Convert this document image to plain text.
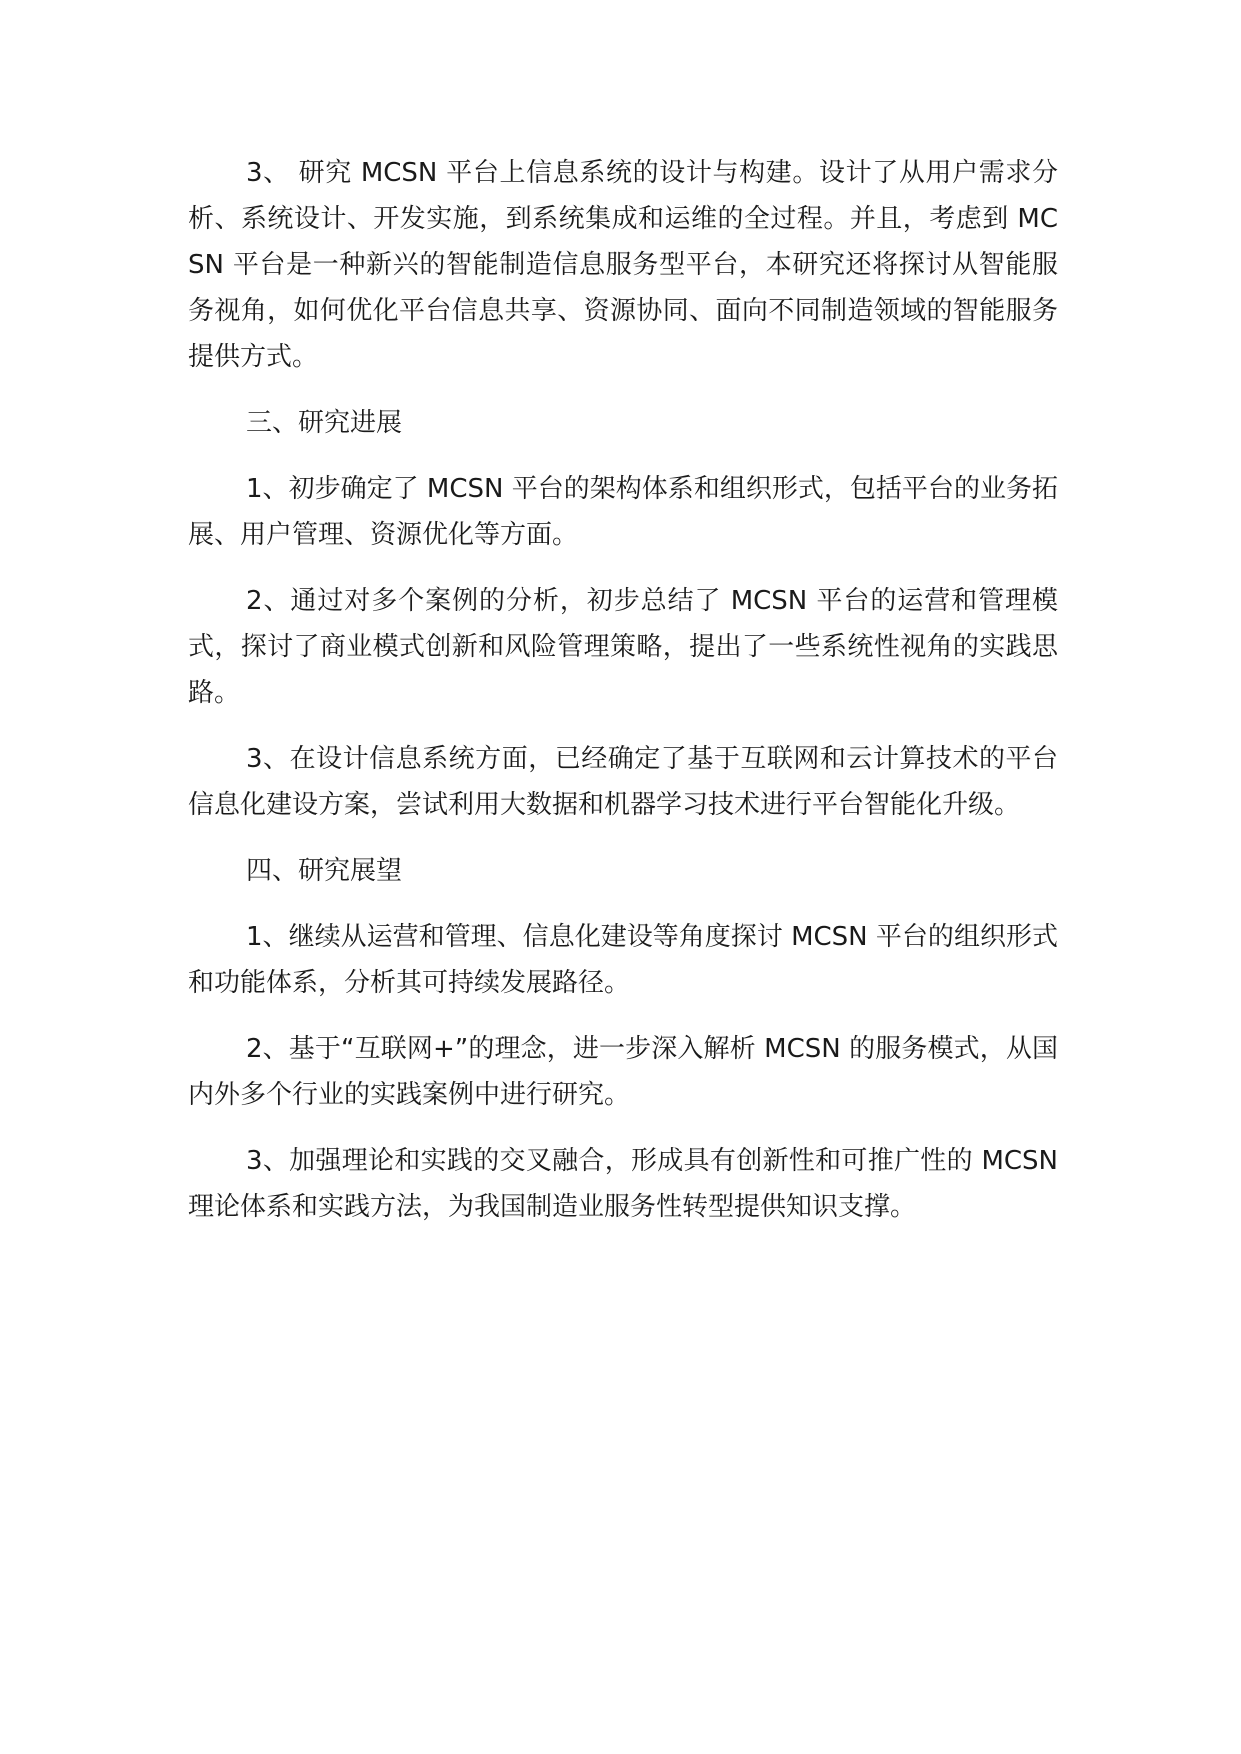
3、 研究 MCSN 平台上信息系统的设计与构建。设计了从用户需求分析、系统设计、开发实施，到系统集成和运维的全过程。并且，考虑到 MCSN 平台是一种新兴的智能制造信息服务型平台，本研究还将探讨从智能服务视角，如何优化平台信息共享、资源协同、面向不同制造领域的智能服务提供方式。

三、研究进展

1、初步确定了 MCSN 平台的架构体系和组织形式，包括平台的业务拓展、用户管理、资源优化等方面。

2、通过对多个案例的分析，初步总结了 MCSN 平台的运营和管理模式，探讨了商业模式创新和风险管理策略，提出了一些系统性视角的实践思路。

3、在设计信息系统方面，已经确定了基于互联网和云计算技术的平台信息化建设方案，尝试利用大数据和机器学习技术进行平台智能化升级。

四、研究展望

1、继续从运营和管理、信息化建设等角度探讨 MCSN 平台的组织形式和功能体系，分析其可持续发展路径。

2、基于“互联网+”的理念，进一步深入解析 MCSN 的服务模式，从国内外多个行业的实践案例中进行研究。

3、加强理论和实践的交叉融合，形成具有创新性和可推广性的 MCSN 理论体系和实践方法，为我国制造业服务性转型提供知识支撑。
